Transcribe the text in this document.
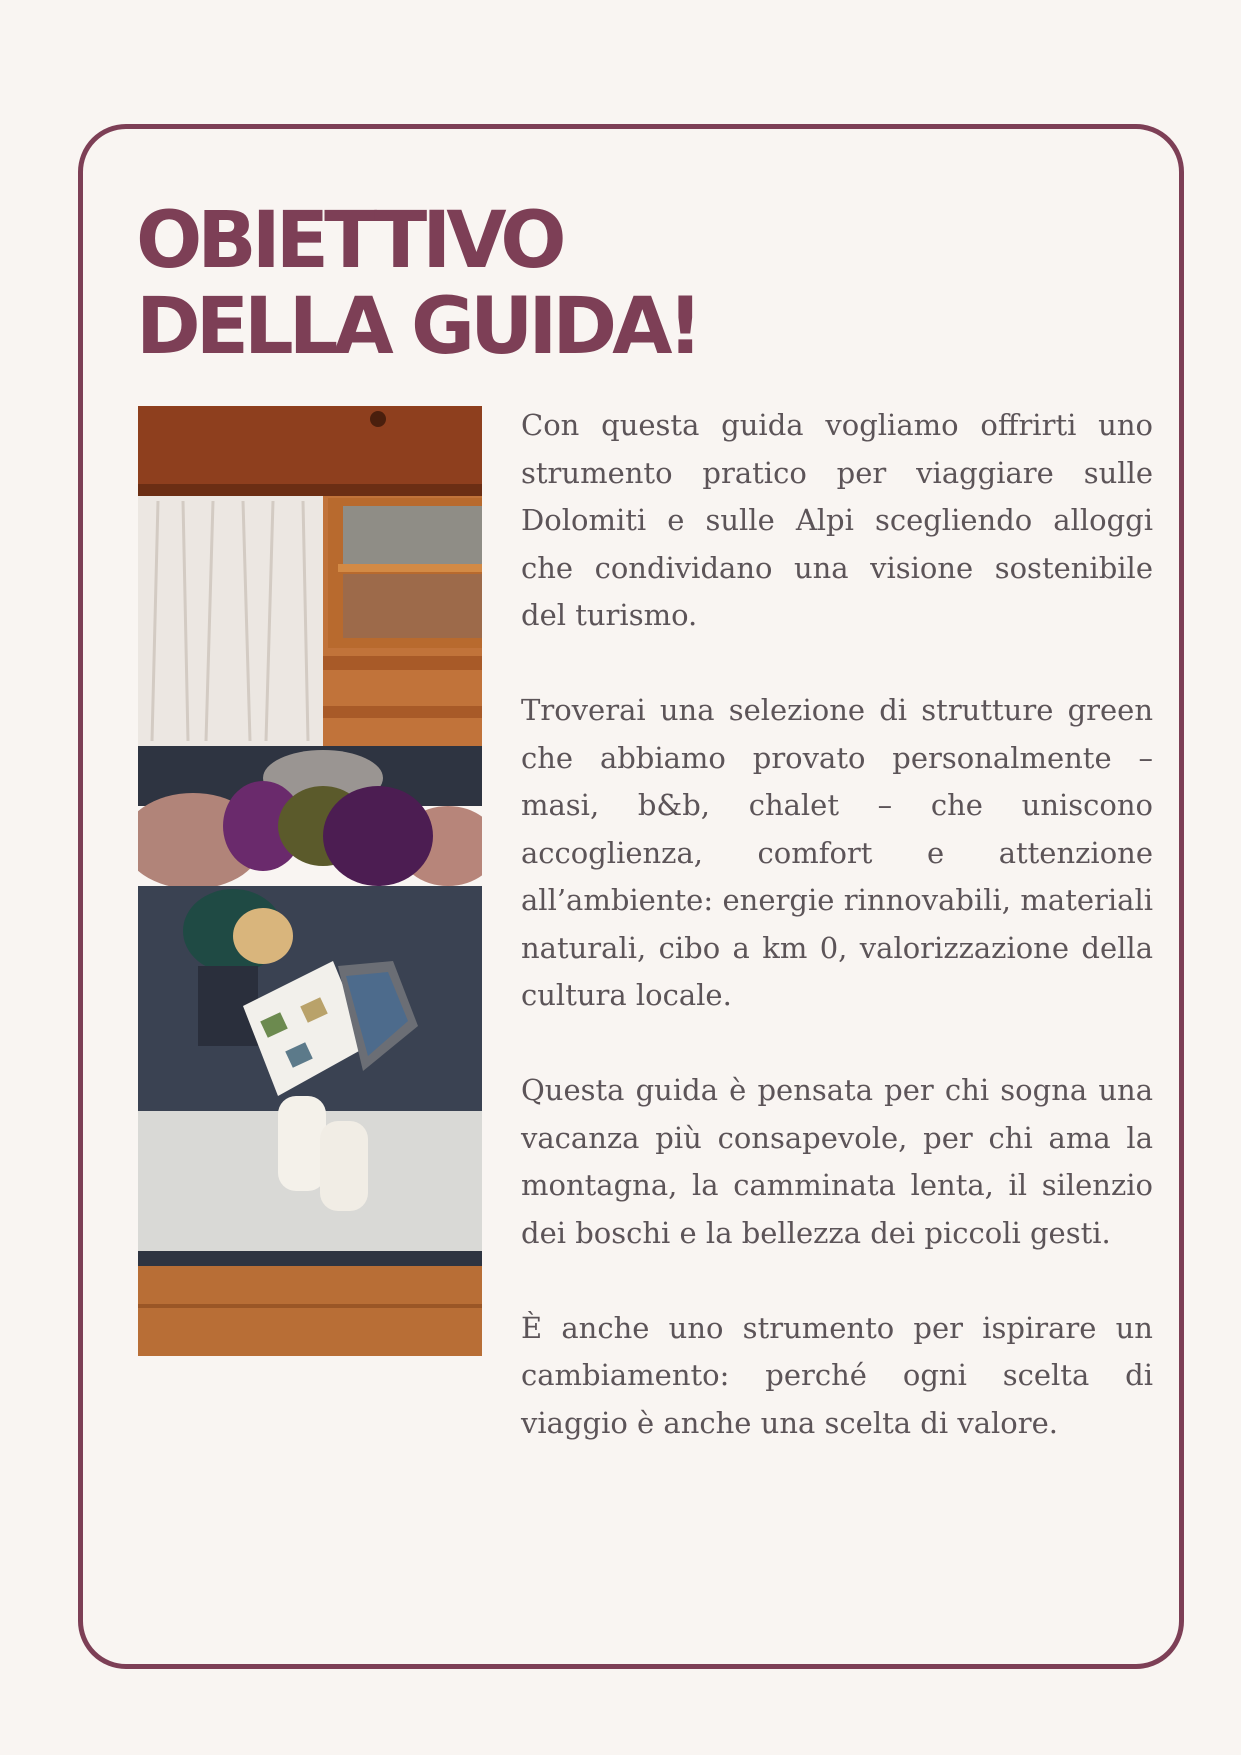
OBIETTIVO
DELLA GUIDA!

Con questa guida vogliamo offrirti uno strumento pratico per viaggiare sulle Dolomiti e sulle Alpi scegliendo alloggi che condividano una visione sostenibile del turismo.

Troverai una selezione di strutture green che abbiamo provato personalmente – masi, b&b, chalet – che uniscono accoglienza, comfort e attenzione all’ambiente: energie rinnovabili, materiali naturali, cibo a km 0, valorizzazione della cultura locale.

Questa guida è pensata per chi sogna una vacanza più consapevole, per chi ama la montagna, la camminata lenta, il silenzio dei boschi e la bellezza dei piccoli gesti.

È anche uno strumento per ispirare un cambiamento: perché ogni scelta di viaggio è anche una scelta di valore.
